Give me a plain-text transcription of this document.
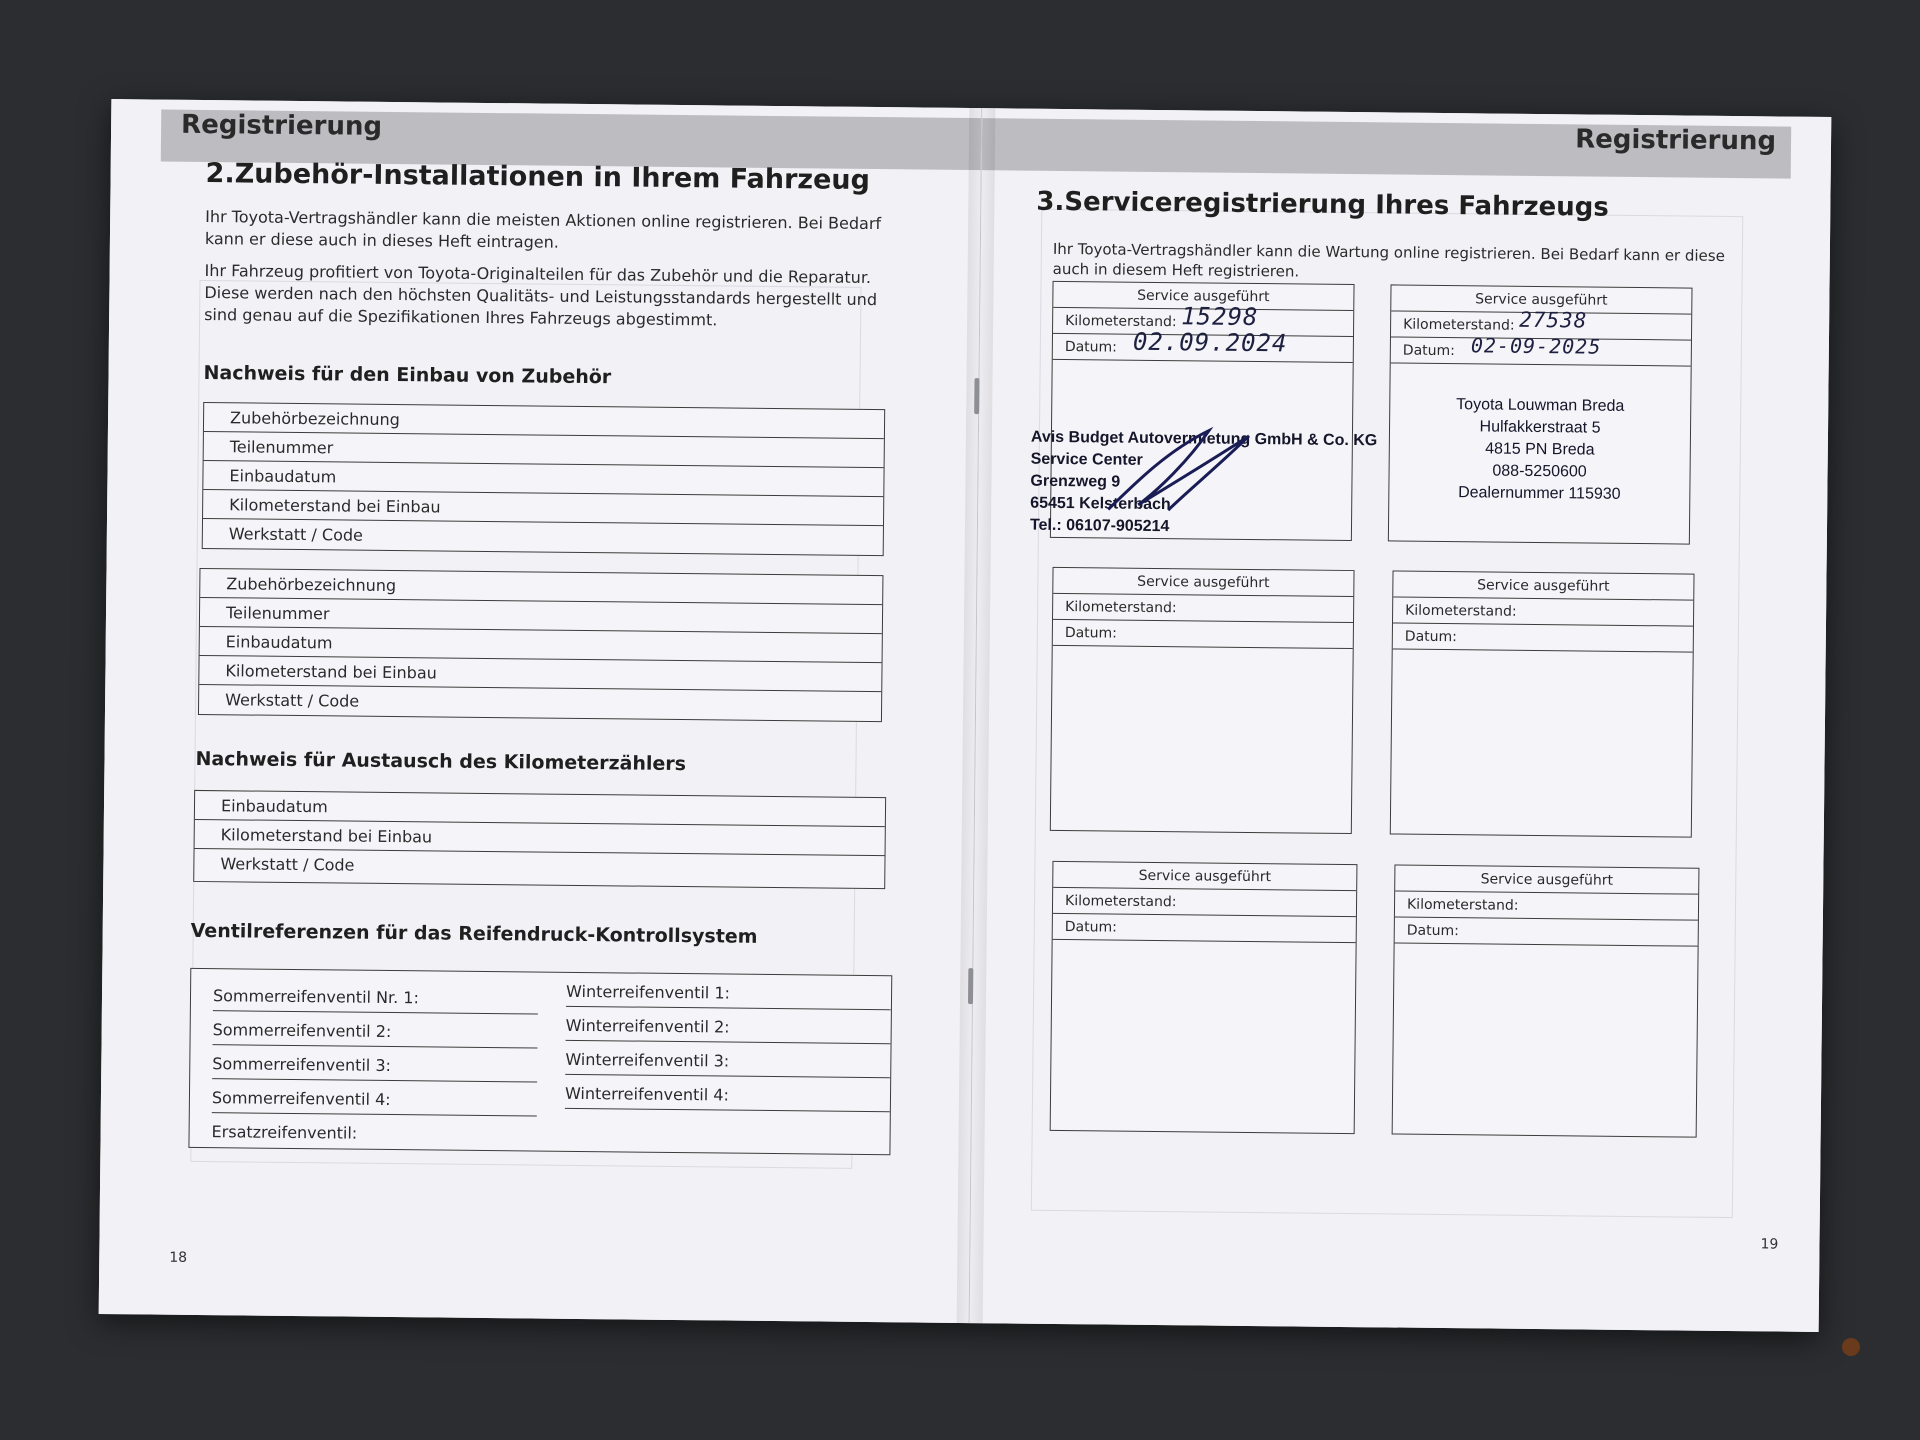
Registrierung
2.Zubehör-Installationen in Ihrem Fahrzeug

Ihr Toyota-Vertragshändler kann die meisten Aktionen online registrieren. Bei Bedarf kann er diese auch in dieses Heft eintragen.

Ihr Fahrzeug profitiert von Toyota-Originalteilen für das Zubehör und die Reparatur. Diese werden nach den höchsten Qualitäts- und Leistungsstandards hergestellt und sind genau auf die Spezifikationen Ihres Fahrzeugs abgestimmt.

Nachweis für den Einbau von Zubehör
Zubehörbezeichnung
Teilenummer
Einbaudatum
Kilometerstand bei Einbau
Werkstatt / Code
Zubehörbezeichnung
Teilenummer
Einbaudatum
Kilometerstand bei Einbau
Werkstatt / Code
Nachweis für Austausch des Kilometerzählers
Einbaudatum
Kilometerstand bei Einbau
Werkstatt / Code
Ventilreferenzen für das Reifendruck-Kontrollsystem
Sommerreifenventil Nr. 1:
Sommerreifenventil 2:
Sommerreifenventil 3:
Sommerreifenventil 4:
Ersatzreifenventil:
Winterreifenventil 1:
Winterreifenventil 2:
Winterreifenventil 3:
Winterreifenventil 4:
18
Registrierung
3.Serviceregistrierung Ihres Fahrzeugs

Ihr Toyota-Vertragshändler kann die Wartung online registrieren. Bei Bedarf kann er diese auch in diesem Heft registrieren.

Service ausgeführt
Kilometerstand: 15298
Datum: 02.09.2024
Avis Budget Autovermietung GmbH & Co. KG
Service Center
Grenzweg 9
65451 Kelsterbach
Tel.: 06107-905214
Service ausgeführt
Kilometerstand: 27538
Datum: 02-09-2025
Toyota Louwman Breda
Hulfakkerstraat 5
4815 PN Breda
088-5250600
Dealernummer 115930
Service ausgeführt
Kilometerstand:
Datum:
Service ausgeführt
Kilometerstand:
Datum:
Service ausgeführt
Kilometerstand:
Datum:
Service ausgeführt
Kilometerstand:
Datum:
19
